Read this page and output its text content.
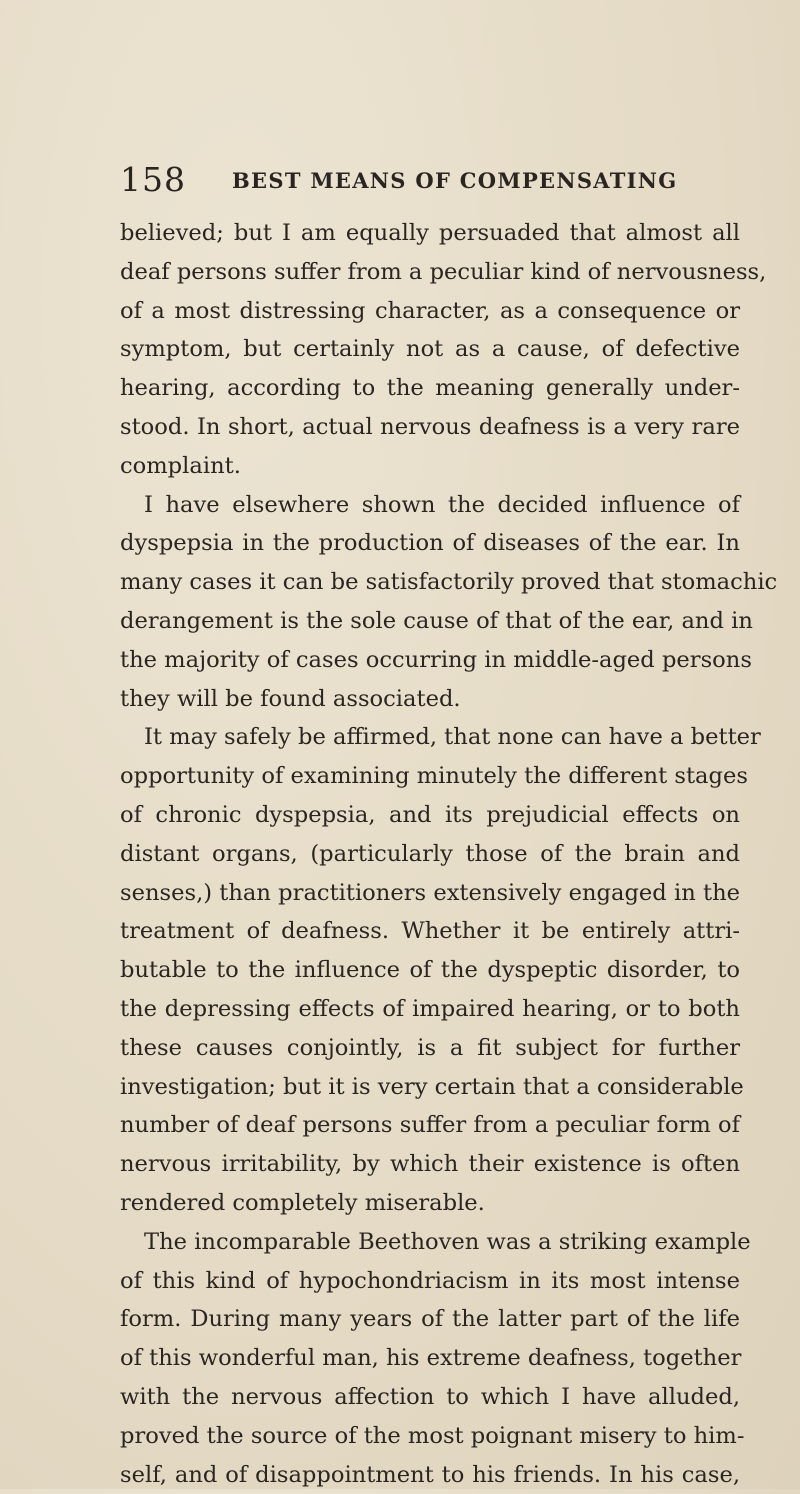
158 BEST MEANS OF COMPENSATING
believed; but I am equally persuaded that almost all
deaf persons suffer from a peculiar kind of nervousness,
of a most distressing character, as a consequence or
symptom, but certainly not as a cause, of defective
hearing, according to the meaning generally under-
stood. In short, actual nervous deafness is a very rare
complaint.
I have elsewhere shown the decided influence of
dyspepsia in the production of diseases of the ear. In
many cases it can be satisfactorily proved that stomachic
derangement is the sole cause of that of the ear, and in
the majority of cases occurring in middle-aged persons
they will be found associated.
It may safely be affirmed, that none can have a better
opportunity of examining minutely the different stages
of chronic dyspepsia, and its prejudicial effects on
distant organs, (particularly those of the brain and
senses,) than practitioners extensively engaged in the
treatment of deafness. Whether it be entirely attri-
butable to the influence of the dyspeptic disorder, to
the depressing effects of impaired hearing, or to both
these causes conjointly, is a fit subject for further
investigation; but it is very certain that a considerable
number of deaf persons suffer from a peculiar form of
nervous irritability, by which their existence is often
rendered completely miserable.
The incomparable Beethoven was a striking example
of this kind of hypochondriacism in its most intense
form. During many years of the latter part of the life
of this wonderful man, his extreme deafness, together
with the nervous affection to which I have alluded,
proved the source of the most poignant misery to him-
self, and of disappointment to his friends. In his case,
